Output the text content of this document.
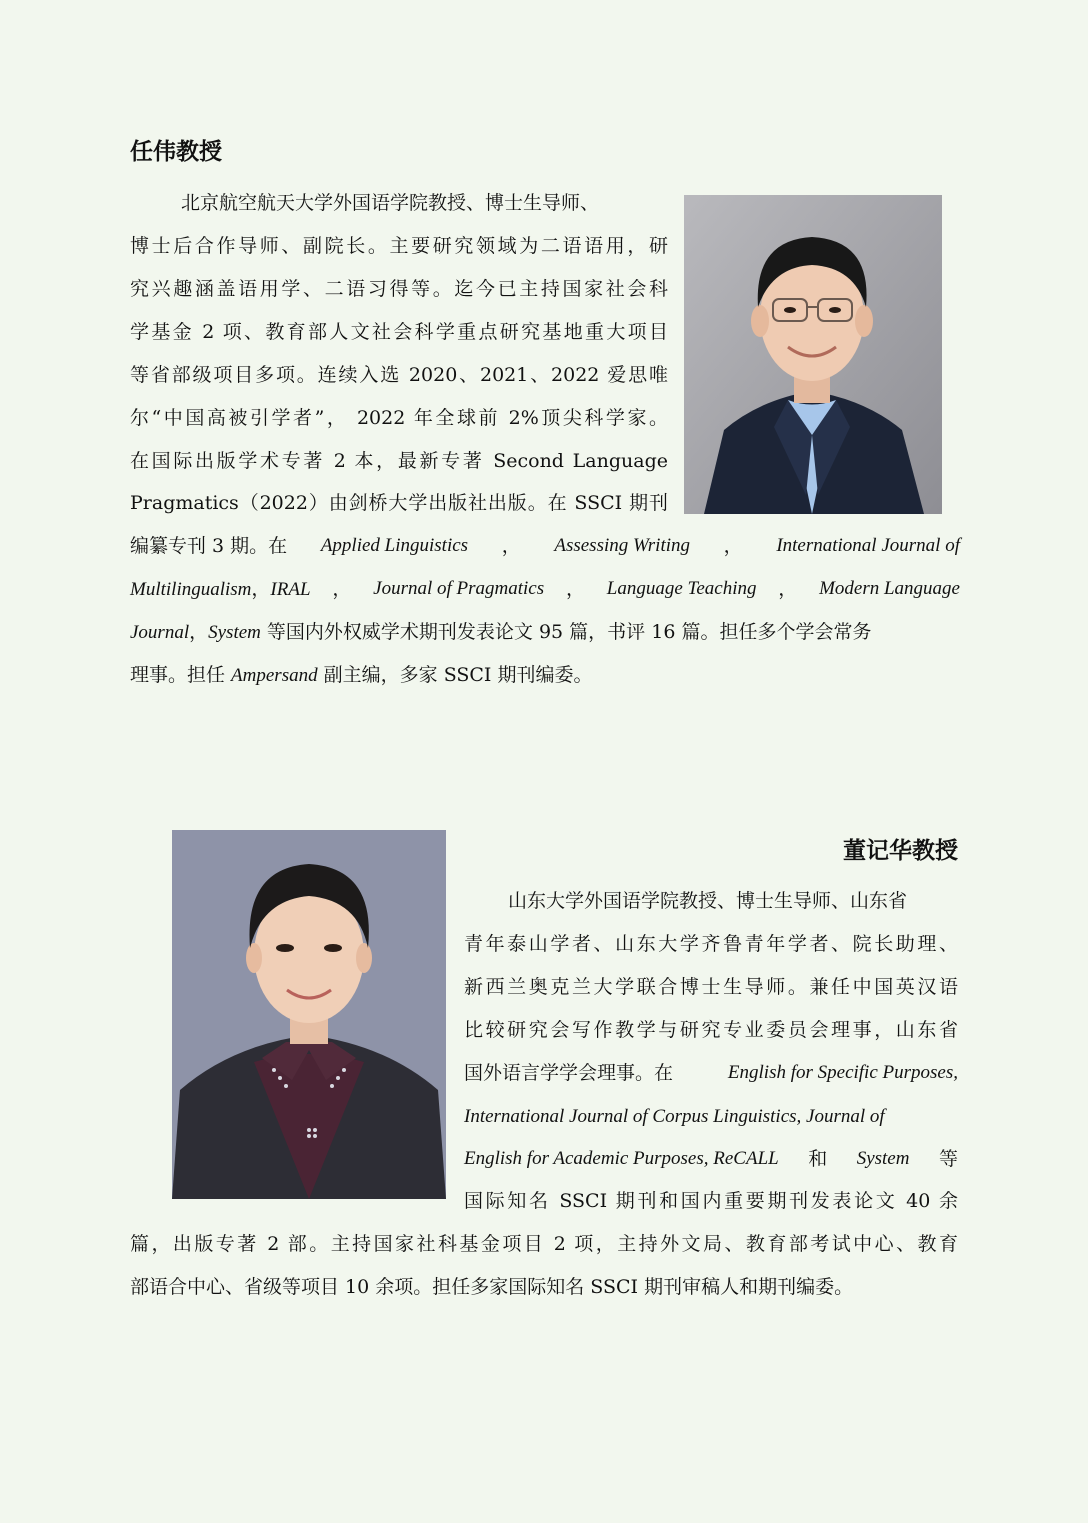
任伟教授
北京航空航天大学外国语学院教授、博士生导师、
博士后合作导师、副院长。主要研究领域为二语语用，研
究兴趣涵盖语用学、二语习得等。迄今已主持国家社会科
学基金 2 项、教育部人文社会科学重点研究基地重大项目
等省部级项目多项。连续入选 2020、2021、2022 爱思唯
尔“中国高被引学者”， 2022 年全球前 2%顶尖科学家。
在国际出版学术专著 2 本，最新专著 Second Language
Pragmatics（2022）由剑桥大学出版社出版。在 SSCI 期刊
编纂专刊 3 期。在 Applied Linguistics ， Assessing Writing ， International Journal of
Multilingualism，IRAL ， Journal of Pragmatics ， Language Teaching ， Modern Language
Journal，System 等国内外权威学术期刊发表论文 95 篇，书评 16 篇。担任多个学会常务
理事。担任 Ampersand 副主编，多家 SSCI 期刊编委。
董记华教授
山东大学外国语学院教授、博士生导师、山东省
青年泰山学者、山东大学齐鲁青年学者、院长助理、
新西兰奥克兰大学联合博士生导师。兼任中国英汉语
比较研究会写作教学与研究专业委员会理事，山东省
国外语言学学会理事。在	English for Specific Purposes,
International Journal of Corpus Linguistics, Journal of
English for Academic Purposes, ReCALL 和 System 等
国际知名 SSCI 期刊和国内重要期刊发表论文 40 余
篇，出版专著 2 部。主持国家社科基金项目 2 项，主持外文局、教育部考试中心、教育
部语合中心、省级等项目 10 余项。担任多家国际知名 SSCI 期刊审稿人和期刊编委。
